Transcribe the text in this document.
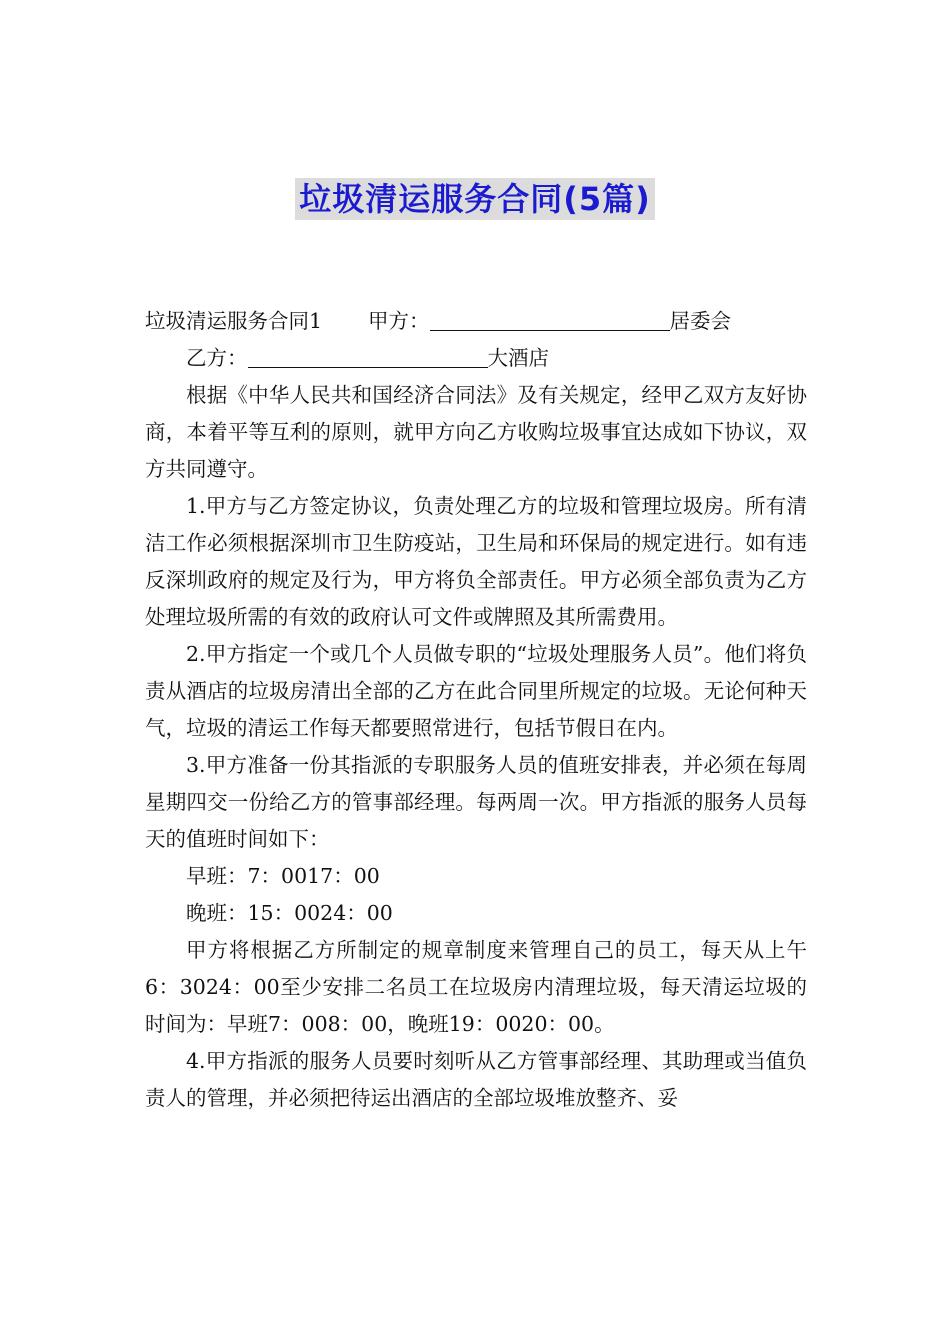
垃圾清运服务合同(5篇)

垃圾清运服务合同1 甲方：	居委会

乙方：	大酒店

根据《中华人民共和国经济合同法》及有关规定，经甲乙双方友好协商，本着平等互利的原则，就甲方向乙方收购垃圾事宜达成如下协议，双方共同遵守。

1.甲方与乙方签定协议，负责处理乙方的垃圾和管理垃圾房。所有清洁工作必须根据深圳市卫生防疫站，卫生局和环保局的规定进行。如有违反深圳政府的规定及行为，甲方将负全部责任。甲方必须全部负责为乙方处理垃圾所需的有效的政府认可文件或牌照及其所需费用。

2.甲方指定一个或几个人员做专职的“垃圾处理服务人员”。他们将负责从酒店的垃圾房清出全部的乙方在此合同里所规定的垃圾。无论何种天气，垃圾的清运工作每天都要照常进行，包括节假日在内。

3.甲方准备一份其指派的专职服务人员的值班安排表，并必须在每周星期四交一份给乙方的管事部经理。每两周一次。甲方指派的服务人员每天的值班时间如下：

早班：7：0017：00

晚班：15：0024：00

甲方将根据乙方所制定的规章制度来管理自己的员工，每天从上午6：3024：00至少安排二名员工在垃圾房内清理垃圾，每天清运垃圾的时间为：早班7：008：00，晚班19：0020：00。

4.甲方指派的服务人员要时刻听从乙方管事部经理、其助理或当值负责人的管理，并必须把待运出酒店的全部垃圾堆放整齐、妥
